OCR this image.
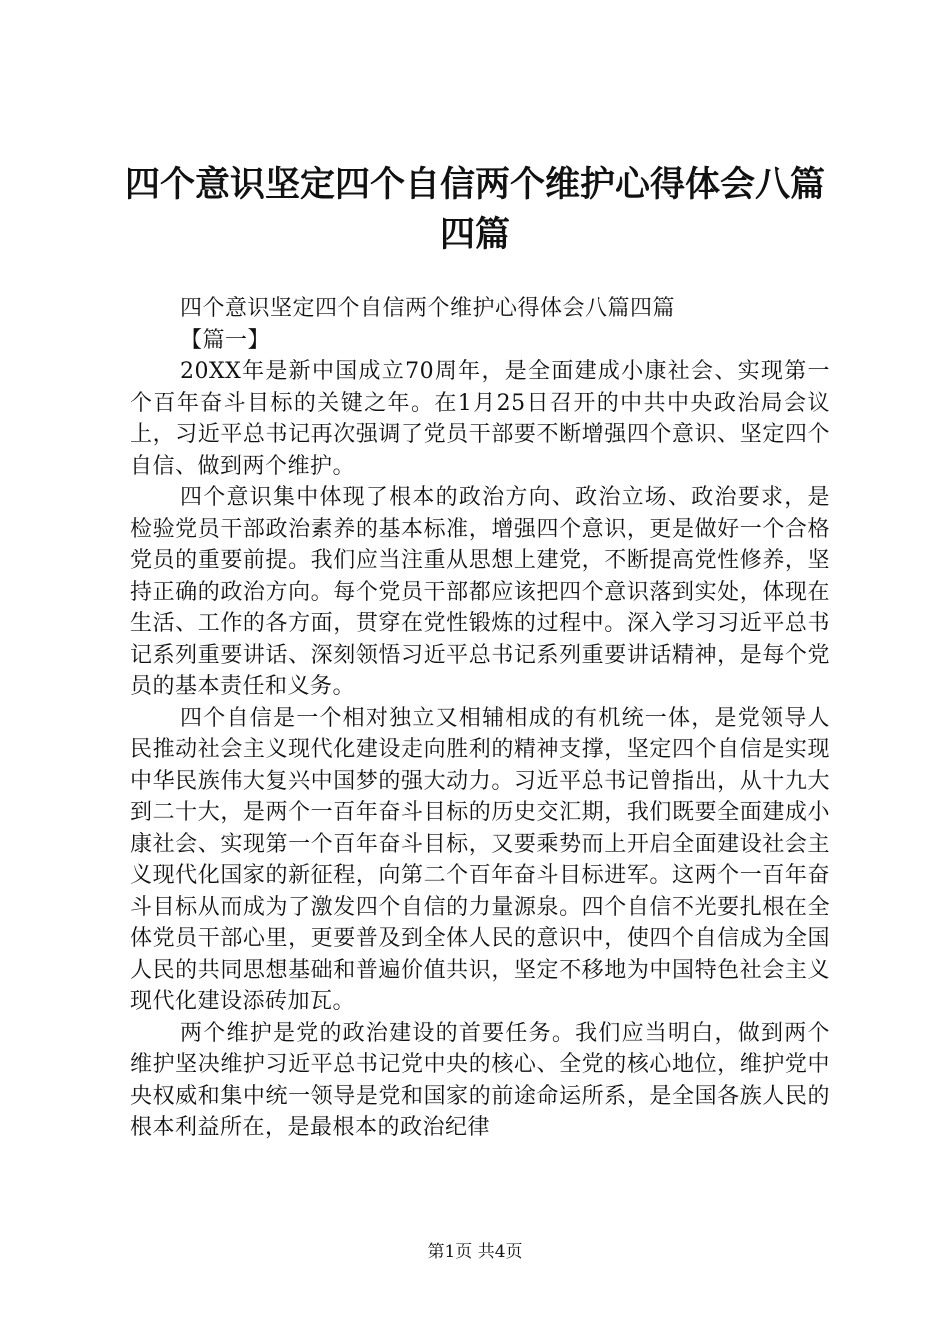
四个意识坚定四个自信两个维护心得体会八篇
四篇

四个意识坚定四个自信两个维护心得体会八篇四篇

【篇一】

20XX年是新中国成立70周年，是全面建成小康社会、实现第一个百年奋斗目标的关键之年。在1月25日召开的中共中央政治局会议上，习近平总书记再次强调了党员干部要不断增强四个意识、坚定四个自信、做到两个维护。

四个意识集中体现了根本的政治方向、政治立场、政治要求，是检验党员干部政治素养的基本标准，增强四个意识，更是做好一个合格党员的重要前提。我们应当注重从思想上建党，不断提高党性修养，坚持正确的政治方向。每个党员干部都应该把四个意识落到实处，体现在生活、工作的各方面，贯穿在党性锻炼的过程中。深入学习习近平总书记系列重要讲话、深刻领悟习近平总书记系列重要讲话精神，是每个党员的基本责任和义务。

四个自信是一个相对独立又相辅相成的有机统一体，是党领导人民推动社会主义现代化建设走向胜利的精神支撑，坚定四个自信是实现中华民族伟大复兴中国梦的强大动力。习近平总书记曾指出，从十九大到二十大，是两个一百年奋斗目标的历史交汇期，我们既要全面建成小康社会、实现第一个百年奋斗目标，又要乘势而上开启全面建设社会主义现代化国家的新征程，向第二个百年奋斗目标进军。这两个一百年奋斗目标从而成为了激发四个自信的力量源泉。四个自信不光要扎根在全体党员干部心里，更要普及到全体人民的意识中，使四个自信成为全国人民的共同思想基础和普遍价值共识，坚定不移地为中国特色社会主义现代化建设添砖加瓦。

两个维护是党的政治建设的首要任务。我们应当明白，做到两个维护坚决维护习近平总书记党中央的核心、全党的核心地位，维护党中央权威和集中统一领导是党和国家的前途命运所系，是全国各族人民的根本利益所在，是最根本的政治纪律

第1页 共4页
